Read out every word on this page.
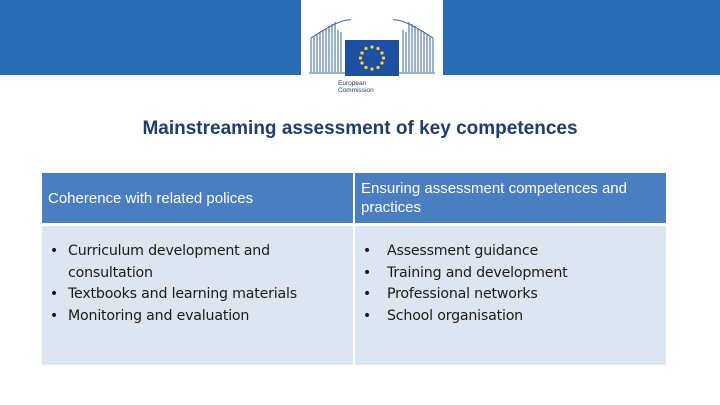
European
Commission
Mainstreaming assessment of key competences
Coherence with related polices
Ensuring assessment competences and practices
• Curriculum development and consultation
• Textbooks and learning materials
• Monitoring and evaluation
• Assessment guidance
• Training and development
• Professional networks
• School organisation
